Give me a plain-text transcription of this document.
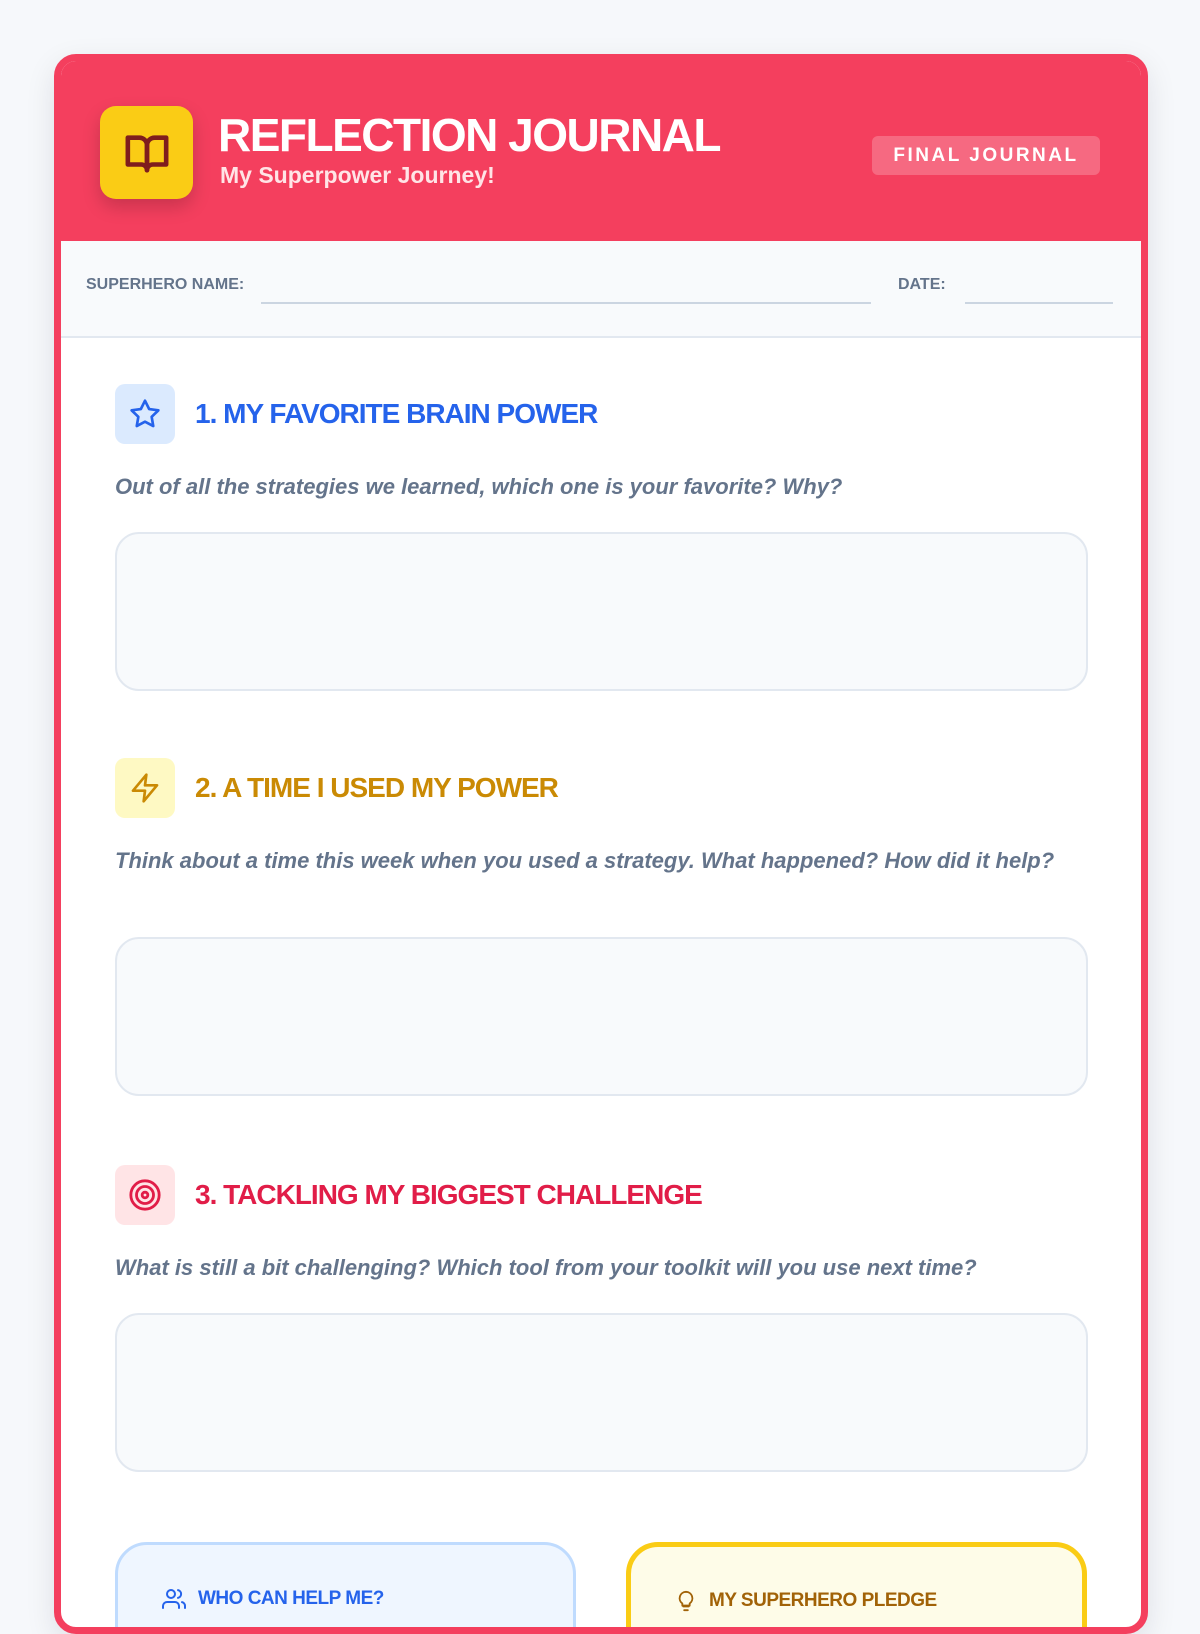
REFLECTION JOURNAL
My Superpower Journey!
FINAL JOURNAL
SUPERHERO NAME:	DATE:
1. MY FAVORITE BRAIN POWER

Out of all the strategies we learned, which one is your favorite? Why?

2. A TIME I USED MY POWER

Think about a time this week when you used a strategy. What happened? How did it help?

3. TACKLING MY BIGGEST CHALLENGE

What is still a bit challenging? Which tool from your toolkit will you use next time?

WHO CAN HELP ME?	MY SUPERHERO PLEDGE
